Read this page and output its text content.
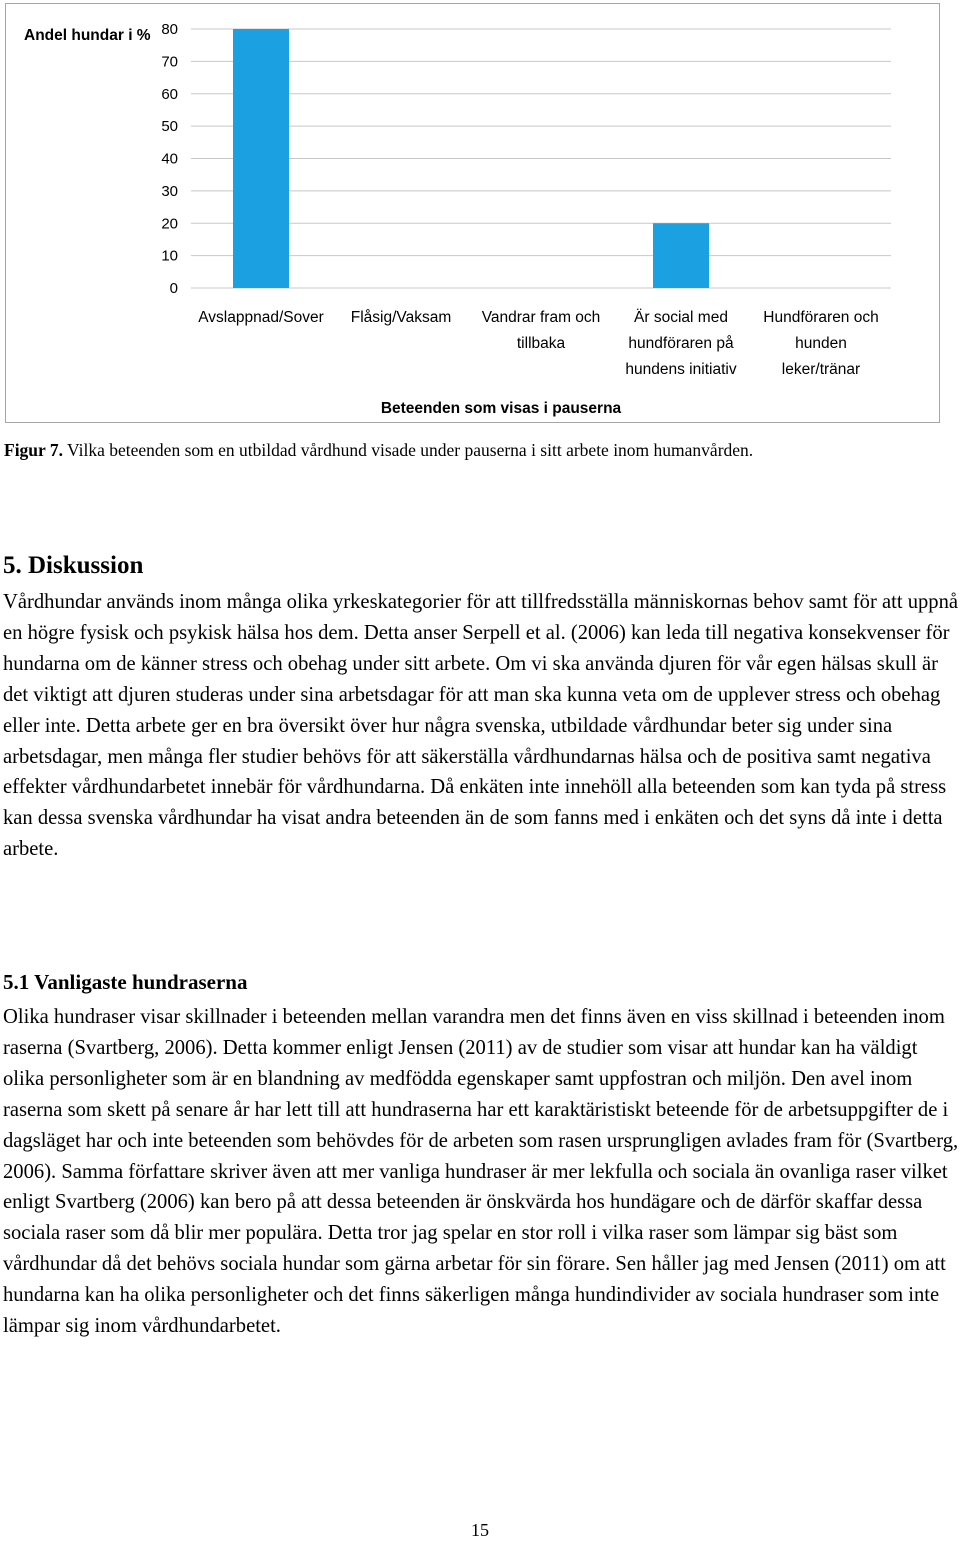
Andel hundar i %
0
10
20
30
40
50
60
70
80
Avslappnad/Sover Flåsig/Vaksam Vandrar fram och
tillbaka
Är social med
hundföraren på
hundens initiativ
Hundföraren och
hunden
leker/tränar
Beteenden som visas i pauserna
Figur 7. Vilka beteenden som en utbildad vårdhund visade under pauserna i sitt arbete inom humanvården.
5. Diskussion

Vårdhundar används inom många olika yrkeskategorier för att tillfredsställa människornas behov samt för att uppnå en högre fysisk och psykisk hälsa hos dem. Detta anser Serpell et al. (2006) kan leda till negativa konsekvenser för hundarna om de känner stress och obehag under sitt arbete. Om vi ska använda djuren för vår egen hälsas skull är det viktigt att djuren studeras under sina arbetsdagar för att man ska kunna veta om de upplever stress och obehag eller inte. Detta arbete ger en bra översikt över hur några svenska, utbildade vårdhundar beter sig under sina arbetsdagar, men många fler studier behövs för att säkerställa vårdhundarnas hälsa och de positiva samt negativa effekter vårdhundarbetet innebär för vårdhundarna. Då enkäten inte innehöll alla beteenden som kan tyda på stress kan dessa svenska vårdhundar ha visat andra beteenden än de som fanns med i enkäten och det syns då inte i detta arbete.

5.1 Vanligaste hundraserna

Olika hundraser visar skillnader i beteenden mellan varandra men det finns även en viss skillnad i beteenden inom raserna (Svartberg, 2006). Detta kommer enligt Jensen (2011) av de studier som visar att hundar kan ha väldigt olika personligheter som är en blandning av medfödda egenskaper samt uppfostran och miljön. Den avel inom raserna som skett på senare år har lett till att hundraserna har ett karaktäristiskt beteende för de arbetsuppgifter de i dagsläget har och inte beteenden som behövdes för de arbeten som rasen ursprungligen avlades fram för (Svartberg, 2006). Samma författare skriver även att mer vanliga hundraser är mer lekfulla och sociala än ovanliga raser vilket enligt Svartberg (2006) kan bero på att dessa beteenden är önskvärda hos hundägare och de därför skaffar dessa sociala raser som då blir mer populära. Detta tror jag spelar en stor roll i vilka raser som lämpar sig bäst som vårdhundar då det behövs sociala hundar som gärna arbetar för sin förare. Sen håller jag med Jensen (2011) om att hundarna kan ha olika personligheter och det finns säkerligen många hundindivider av sociala hundraser som inte lämpar sig inom vårdhundarbetet.

15
